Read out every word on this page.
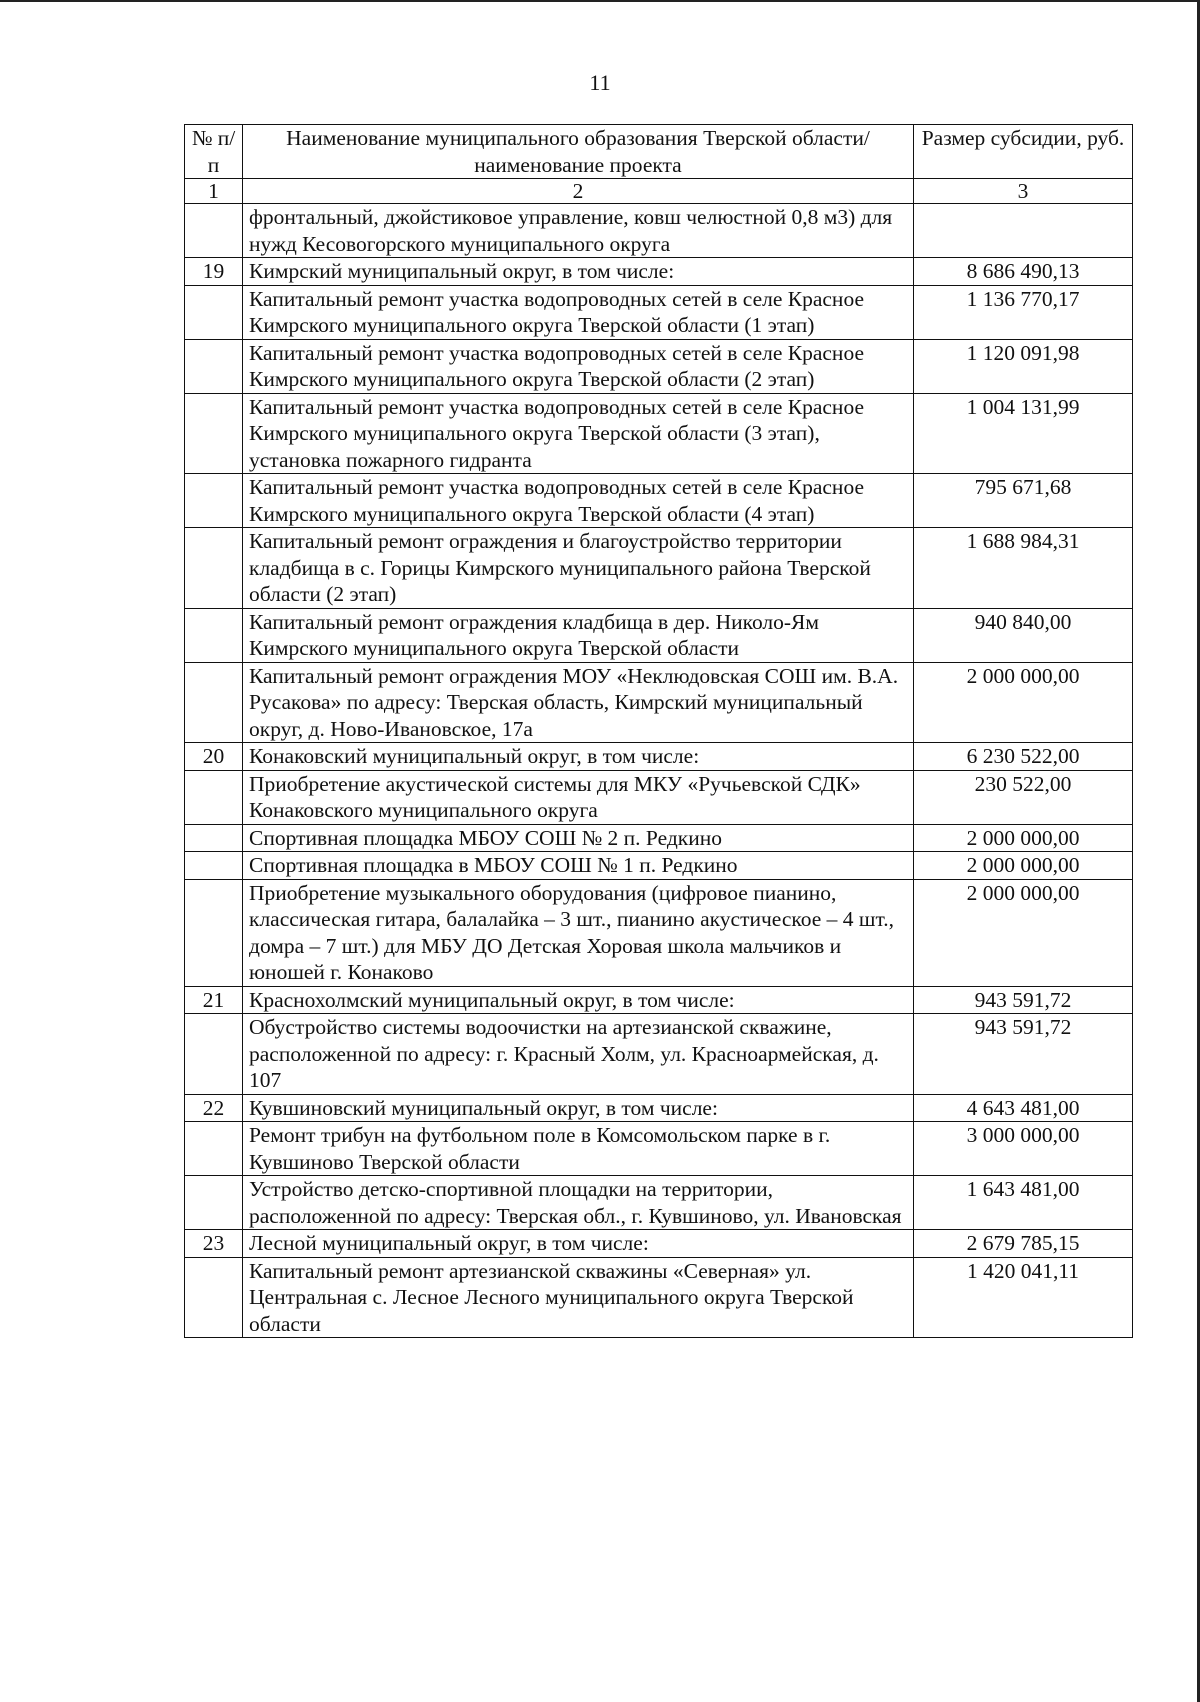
11
№ п/п	Наименование муниципального образования Тверской области/наименование проекта	Размер субсидии, руб.
1	2	3
	фронтальный, джойстиковое управление, ковш челюстной 0,8 м3) для нужд Кесовогорского муниципального округа	
19	Кимрский муниципальный округ, в том числе:	8 686 490,13
	Капитальный ремонт участка водопроводных сетей в селе Красное Кимрского муниципального округа Тверской области (1 этап)	1 136 770,17
	Капитальный ремонт участка водопроводных сетей в селе Красное Кимрского муниципального округа Тверской области (2 этап)	1 120 091,98
	Капитальный ремонт участка водопроводных сетей в селе Красное Кимрского муниципального округа Тверской области (3 этап), установка пожарного гидранта	1 004 131,99
	Капитальный ремонт участка водопроводных сетей в селе Красное Кимрского муниципального округа Тверской области (4 этап)	795 671,68
	Капитальный ремонт ограждения и благоустройство территории кладбища в с. Горицы Кимрского муниципального района Тверской области (2 этап)	1 688 984,31
	Капитальный ремонт ограждения кладбища в дер. Николо-Ям Кимрского муниципального округа Тверской области	940 840,00
	Капитальный ремонт ограждения МОУ «Неклюдовская СОШ им. В.А. Русакова» по адресу: Тверская область, Кимрский муниципальный округ, д. Ново-Ивановское, 17а	2 000 000,00
20	Конаковский муниципальный округ, в том числе:	6 230 522,00
	Приобретение акустической системы для МКУ «Ручьевской СДК» Конаковского муниципального округа	230 522,00
	Спортивная площадка МБОУ СОШ № 2 п. Редкино	2 000 000,00
	Спортивная площадка в МБОУ СОШ № 1 п. Редкино	2 000 000,00
	Приобретение музыкального оборудования (цифровое пианино, классическая гитара, балалайка – 3 шт., пианино акустическое – 4 шт., домра – 7 шт.) для МБУ ДО Детская Хоровая школа мальчиков и юношей г. Конаково	2 000 000,00
21	Краснохолмский муниципальный округ, в том числе:	943 591,72
	Обустройство системы водоочистки на артезианской скважине, расположенной по адресу: г. Красный Холм, ул. Красноармейская, д. 107	943 591,72
22	Кувшиновский муниципальный округ, в том числе:	4 643 481,00
	Ремонт трибун на футбольном поле в Комсомольском парке в г. Кувшиново Тверской области	3 000 000,00
	Устройство детско-спортивной площадки на территории, расположенной по адресу: Тверская обл., г. Кувшиново, ул. Ивановская	1 643 481,00
23	Лесной муниципальный округ, в том числе:	2 679 785,15
	Капитальный ремонт артезианской скважины «Северная» ул. Центральная с. Лесное Лесного муниципального округа Тверской области	1 420 041,11
